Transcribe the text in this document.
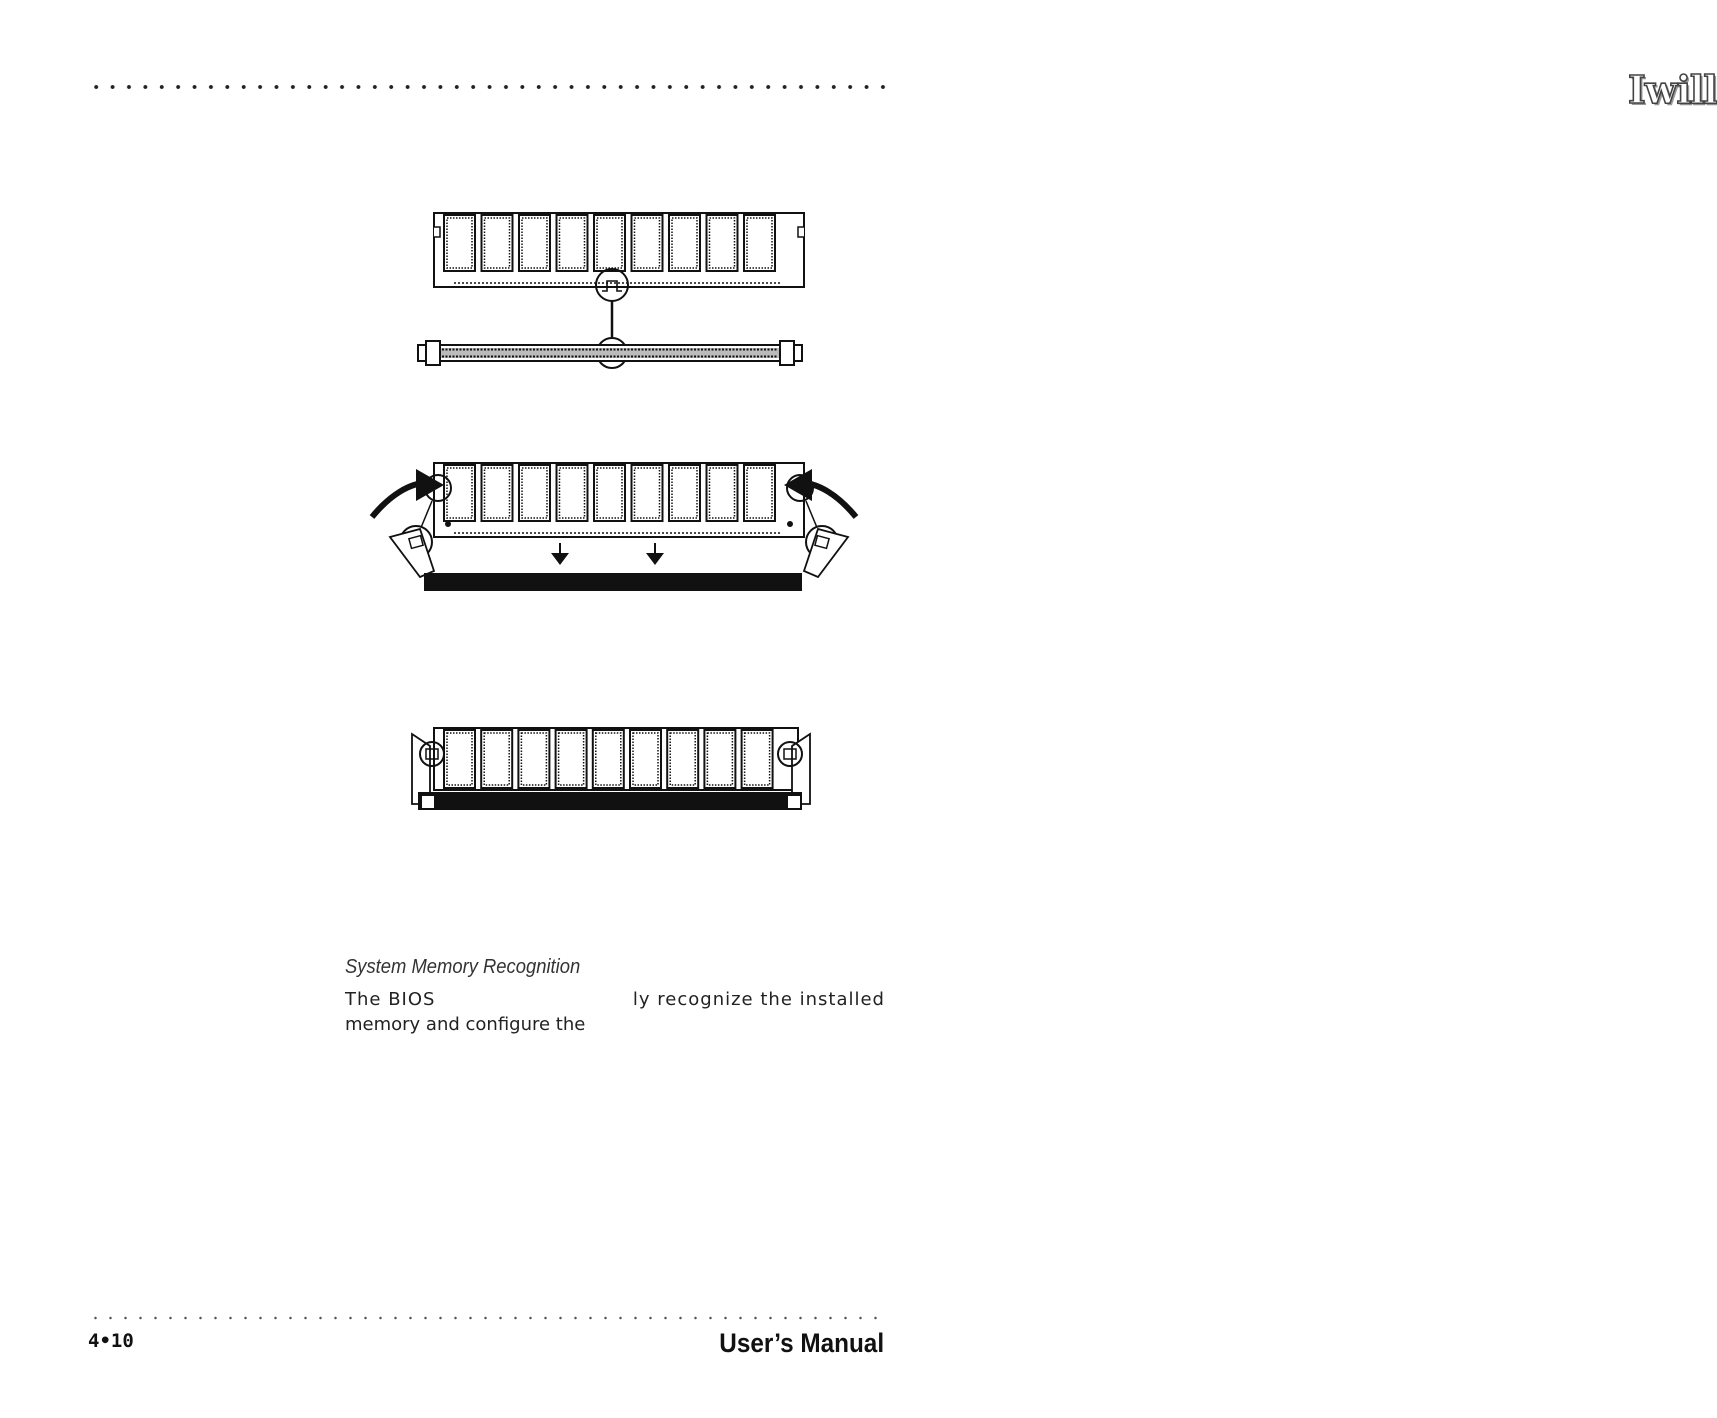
Iwill
System Memory Recognition
The BIOS	ly recognize the installed
memory and configure the
4•10	User’s Manual
